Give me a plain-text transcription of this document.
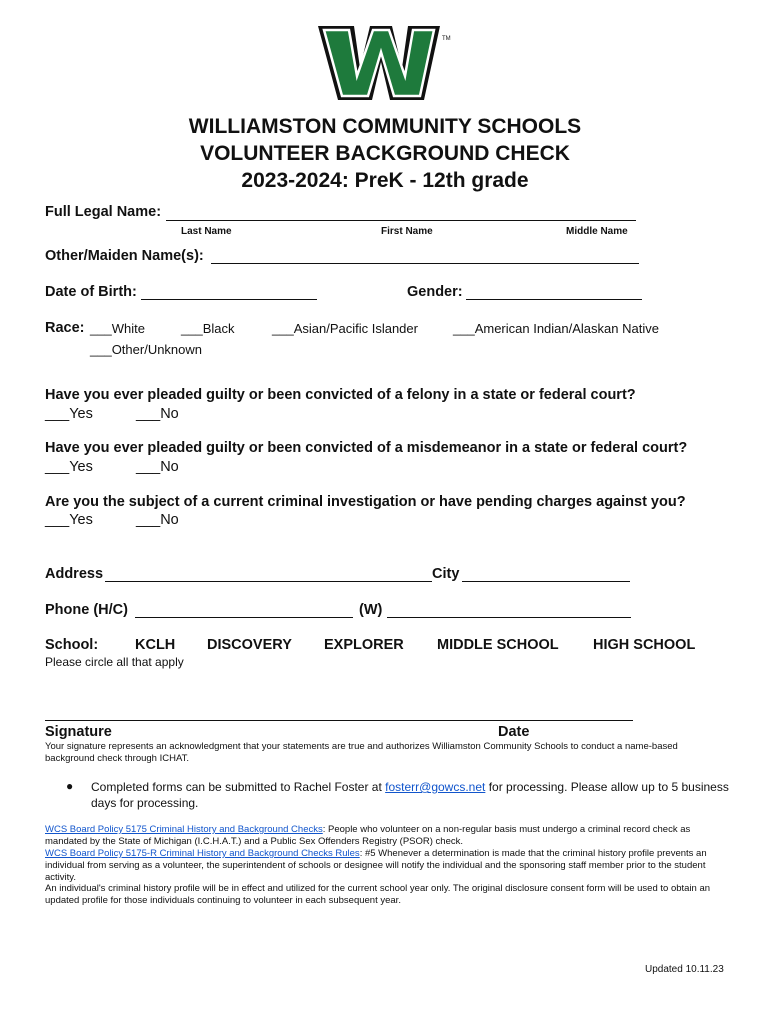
TM
WILLIAMSTON COMMUNITY SCHOOLS
VOLUNTEER BACKGROUND CHECK
2023-2024: PreK - 12th grade
Full Legal Name:
Last Name	First Name	Middle Name
Other/Maiden Name(s):
Date of Birth:	Gender:
Race: ___White	___Black	___Asian/Pacific Islander	___American Indian/Alaskan Native
___Other/Unknown
Have you ever pleaded guilty or been convicted of a felony in a state or federal court?
___Yes	___No
Have you ever pleaded guilty or been convicted of a misdemeanor in a state or federal court?
___Yes	___No
Are you the subject of a current criminal investigation or have pending charges against you?
___Yes	___No
Address	City
Phone (H/C)	(W)
School:	KCLH DISCOVERY EXPLORER MIDDLE SCHOOL HIGH SCHOOL
Please circle all that apply
Signature	Date
Your signature represents an acknowledgment that your statements are true and authorizes Williamston Community Schools to conduct a name-based background check through ICHAT.
● Completed forms can be submitted to Rachel Foster at fosterr@gowcs.net for processing. Please allow up to 5 business days for processing.
WCS Board Policy 5175 Criminal History and Background Checks: People who volunteer on a non-regular basis must undergo a criminal record check as mandated by the State of Michigan (I.C.H.A.T.) and a Public Sex Offenders Registry (PSOR) check.
WCS Board Policy 5175-R Criminal History and Background Checks Rules: #5 Whenever a determination is made that the criminal history profile prevents an individual from serving as a volunteer, the superintendent of schools or designee will notify the individual and the sponsoring staff member prior to the student activity.
An individual's criminal history profile will be in effect and utilized for the current school year only. The original disclosure consent form will be used to obtain an updated profile for those individuals continuing to volunteer in each subsequent year.
Updated 10.11.23
